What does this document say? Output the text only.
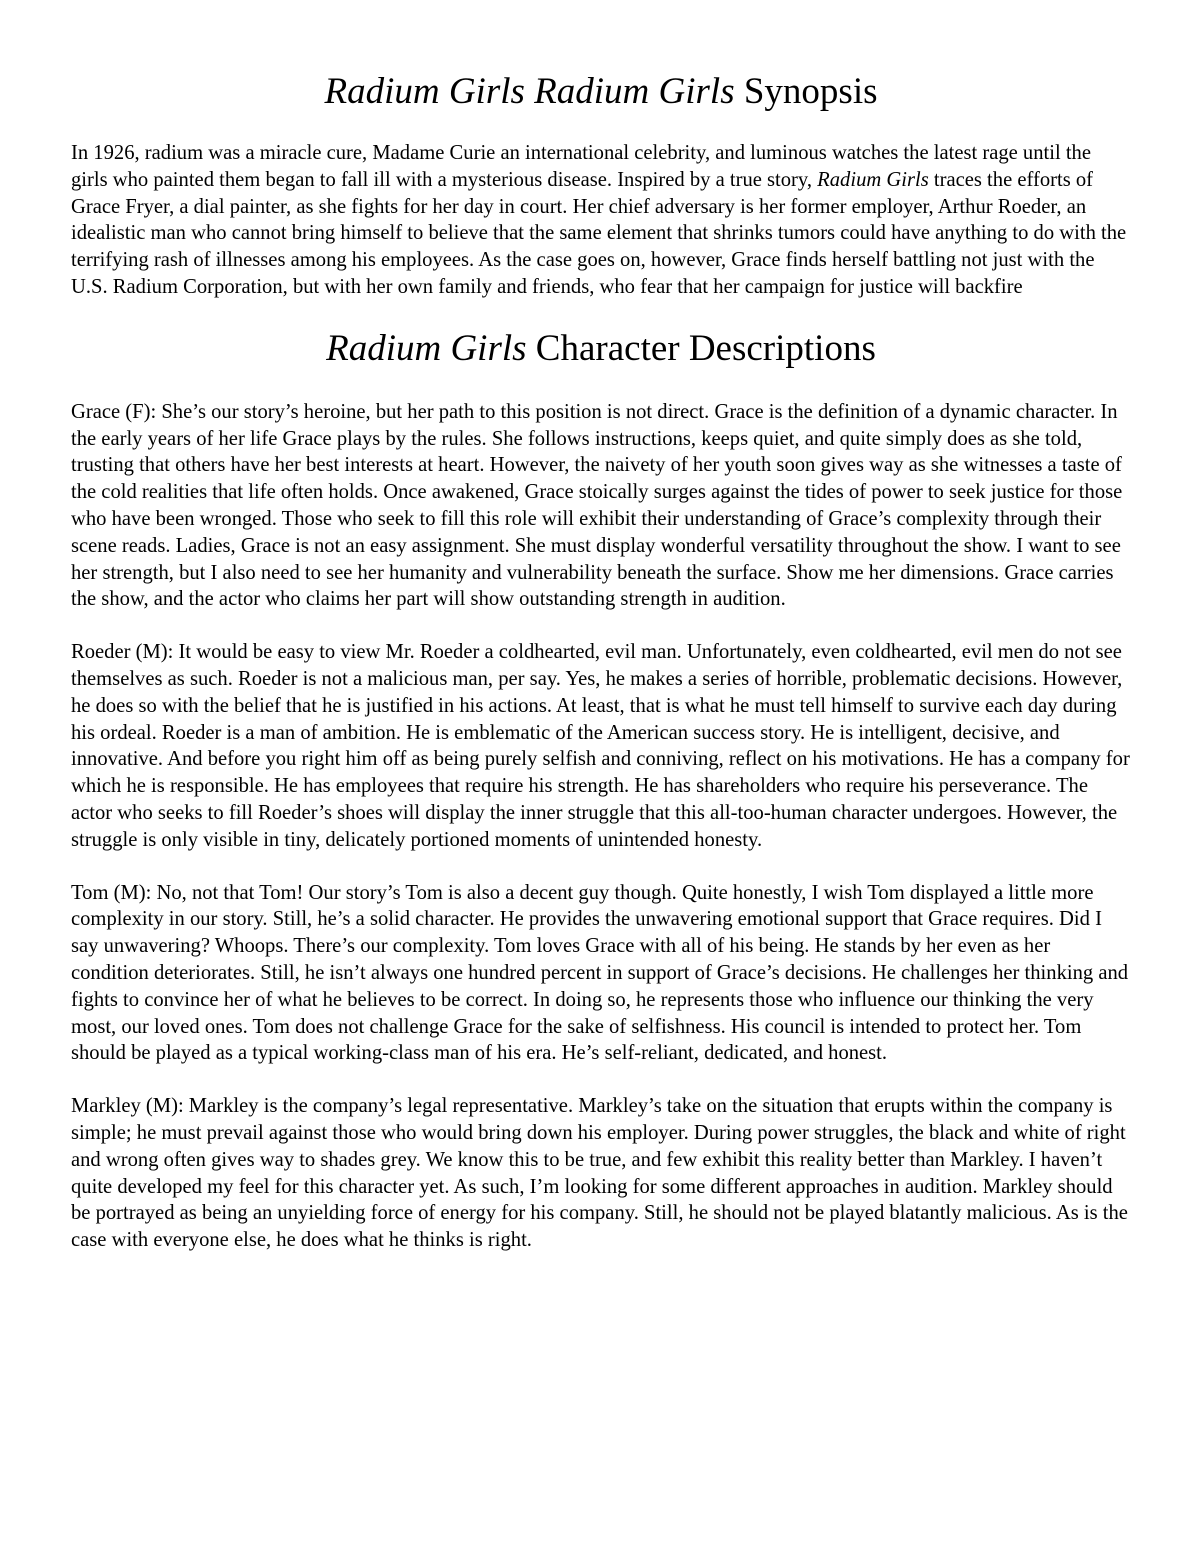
Radium Girls Radium Girls Synopsis

In 1926, radium was a miracle cure, Madame Curie an international celebrity, and luminous watches the latest rage until the girls who painted them began to fall ill with a mysterious disease. Inspired by a true story, Radium Girls traces the efforts of Grace Fryer, a dial painter, as she fights for her day in court. Her chief adversary is her former employer, Arthur Roeder, an idealistic man who cannot bring himself to believe that the same element that shrinks tumors could have anything to do with the terrifying rash of illnesses among his employees. As the case goes on, however, Grace finds herself battling not just with the U.S. Radium Corporation, but with her own family and friends, who fear that her campaign for justice will backfire

Radium Girls Character Descriptions

Grace (F): She’s our story’s heroine, but her path to this position is not direct. Grace is the definition of a dynamic character. In the early years of her life Grace plays by the rules. She follows instructions, keeps quiet, and quite simply does as she told, trusting that others have her best interests at heart. However, the naivety of her youth soon gives way as she witnesses a taste of the cold realities that life often holds. Once awakened, Grace stoically surges against the tides of power to seek justice for those who have been wronged. Those who seek to fill this role will exhibit their understanding of Grace’s complexity through their scene reads. Ladies, Grace is not an easy assignment. She must display wonderful versatility throughout the show. I want to see her strength, but I also need to see her humanity and vulnerability beneath the surface. Show me her dimensions. Grace carries the show, and the actor who claims her part will show outstanding strength in audition.

Roeder (M): It would be easy to view Mr. Roeder a coldhearted, evil man. Unfortunately, even coldhearted, evil men do not see themselves as such. Roeder is not a malicious man, per say. Yes, he makes a series of horrible, problematic decisions. However, he does so with the belief that he is justified in his actions. At least, that is what he must tell himself to survive each day during his ordeal. Roeder is a man of ambition. He is emblematic of the American success story. He is intelligent, decisive, and innovative. And before you right him off as being purely selfish and conniving, reflect on his motivations. He has a company for which he is responsible. He has employees that require his strength. He has shareholders who require his perseverance. The actor who seeks to fill Roeder’s shoes will display the inner struggle that this all-too-human character undergoes. However, the struggle is only visible in tiny, delicately portioned moments of unintended honesty.

Tom (M): No, not that Tom! Our story’s Tom is also a decent guy though. Quite honestly, I wish Tom displayed a little more complexity in our story. Still, he’s a solid character. He provides the unwavering emotional support that Grace requires. Did I say unwavering? Whoops. There’s our complexity. Tom loves Grace with all of his being. He stands by her even as her condition deteriorates. Still, he isn’t always one hundred percent in support of Grace’s decisions. He challenges her thinking and fights to convince her of what he believes to be correct. In doing so, he represents those who influence our thinking the very most, our loved ones. Tom does not challenge Grace for the sake of selfishness. His council is intended to protect her. Tom should be played as a typical working-class man of his era. He’s self-reliant, dedicated, and honest.

Markley (M): Markley is the company’s legal representative. Markley’s take on the situation that erupts within the company is simple; he must prevail against those who would bring down his employer. During power struggles, the black and white of right and wrong often gives way to shades grey. We know this to be true, and few exhibit this reality better than Markley. I haven’t quite developed my feel for this character yet. As such, I’m looking for some different approaches in audition. Markley should be portrayed as being an unyielding force of energy for his company. Still, he should not be played blatantly malicious. As is the case with everyone else, he does what he thinks is right.
